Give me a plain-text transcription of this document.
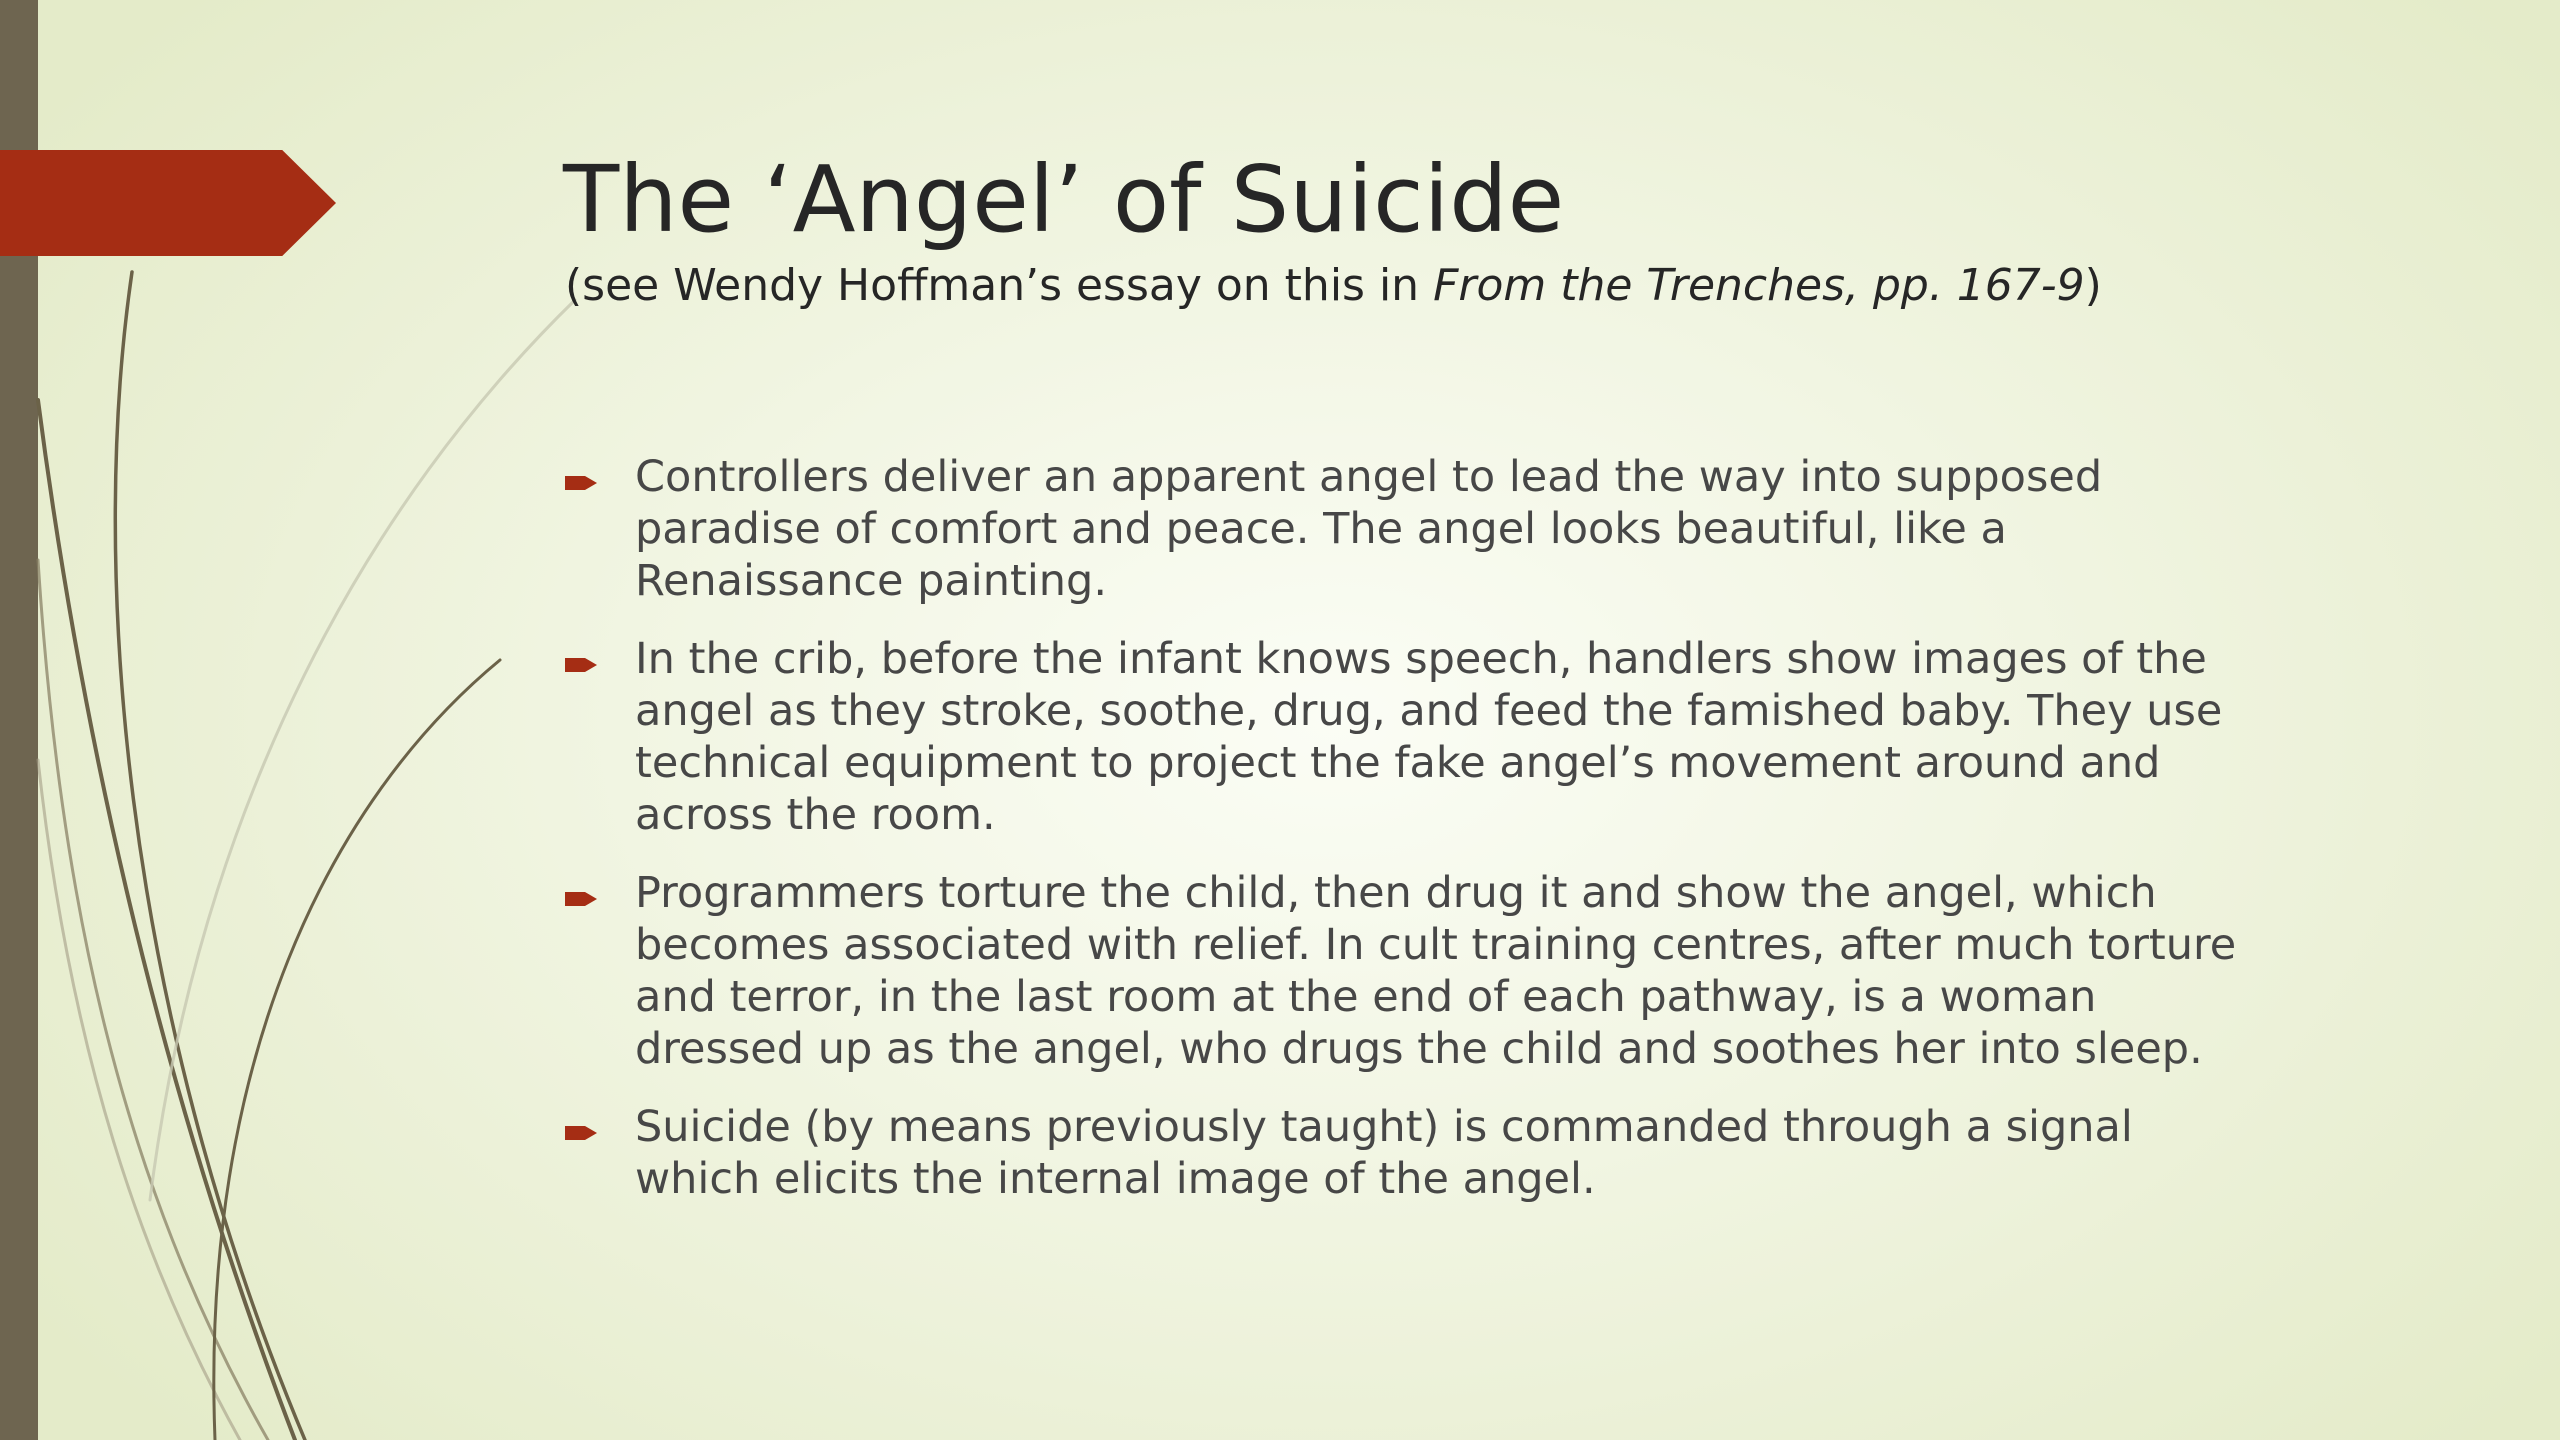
The ‘Angel’ of Suicide

(see Wendy Hoffman’s essay on this in From the Trenches, pp. 167-9)

Controllers deliver an apparent angel to lead the way into supposed
paradise of comfort and peace. The angel looks beautiful, like a
Renaissance painting.
In the crib, before the infant knows speech, handlers show images of the
angel as they stroke, soothe, drug, and feed the famished baby. They use
technical equipment to project the fake angel’s movement around and
across the room.
Programmers torture the child, then drug it and show the angel, which
becomes associated with relief. In cult training centres, after much torture
and terror, in the last room at the end of each pathway, is a woman
dressed up as the angel, who drugs the child and soothes her into sleep.
Suicide (by means previously taught) is commanded through a signal
which elicits the internal image of the angel.
